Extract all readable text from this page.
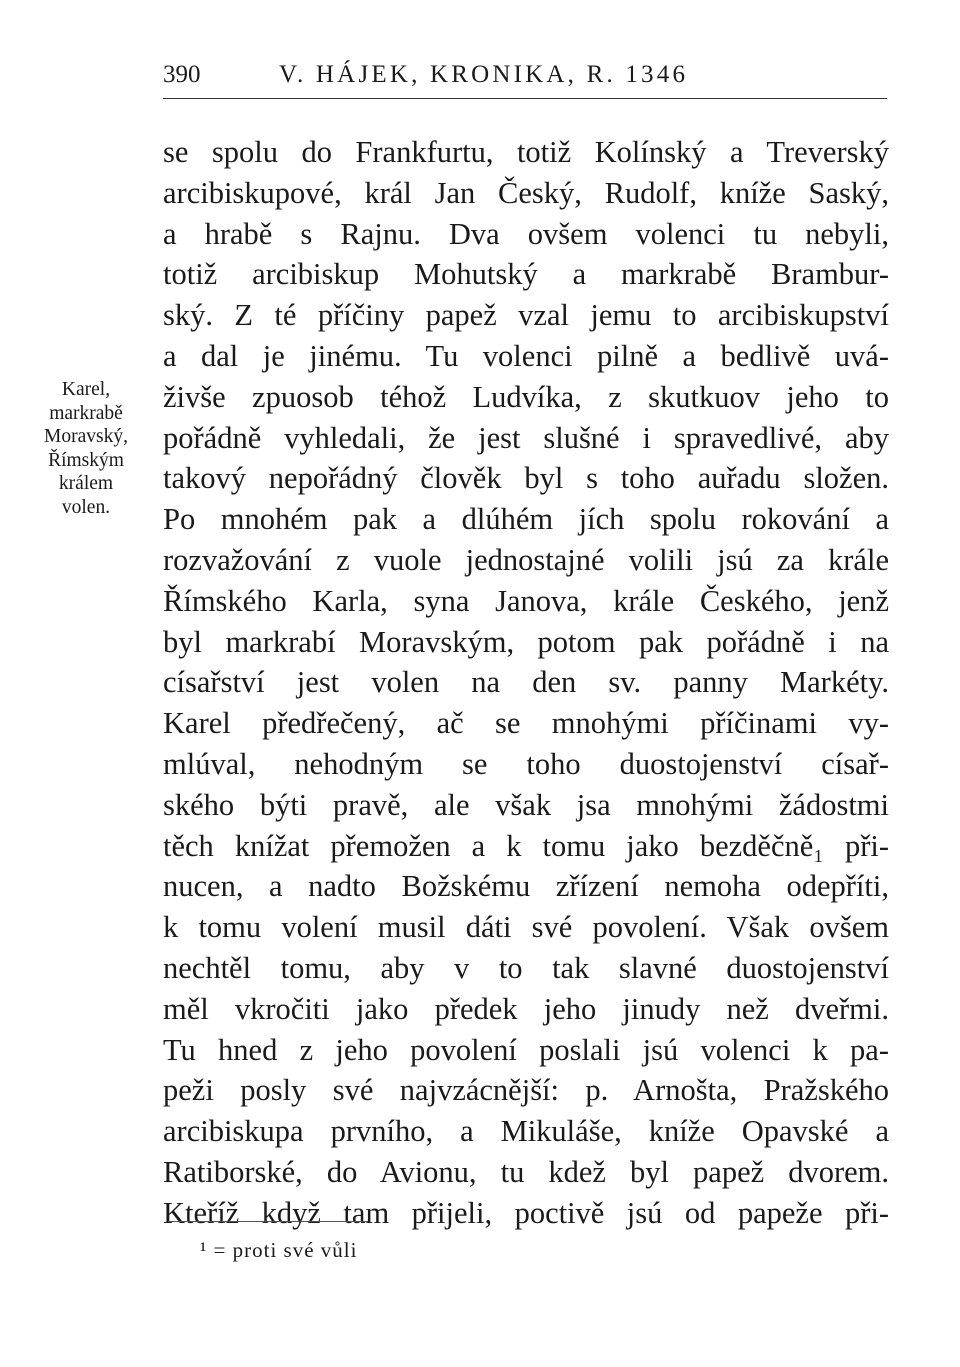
390	V. HÁJEK, KRONIKA, R. 1346
Karel,
markrabě
Moravský,
Římským
králem
volen.
se spolu do Frankfurtu, totiž Kolínský a Treverský
arcibiskupové, král Jan Český, Rudolf, kníže Saský,
a hrabě s Rajnu. Dva ovšem volenci tu nebyli,
totiž arcibiskup Mohutský a markrabě Brambur-
ský. Z té příčiny papež vzal jemu to arcibiskupství
a dal je jinému. Tu volenci pilně a bedlivě uvá-
živše zpuosob téhož Ludvíka, z skutkuov jeho to
pořádně vyhledali, že jest slušné i spravedlivé, aby
takový nepořádný člověk byl s toho auřadu složen.
Po mnohém pak a dlúhém jích spolu rokování a
rozvažování z vuole jednostajné volili jsú za krále
Římského Karla, syna Janova, krále Českého, jenž
byl markrabí Moravským, potom pak pořádně i na
císařství jest volen na den sv. panny Markéty.
Karel předřečený, ač se mnohými příčinami vy-
mlúval, nehodným se toho duostojenství císař-
ského býti pravě, ale však jsa mnohými žádostmi
těch knížat přemožen a k tomu jako bezděčně₁ při-
nucen, a nadto Božskému zřízení nemoha odepříti,
k tomu volení musil dáti své povolení. Však ovšem
nechtěl tomu, aby v to tak slavné duostojenství
měl vkročiti jako předek jeho jinudy než dveřmi.
Tu hned z jeho povolení poslali jsú volenci k pa-
peži posly své najvzácnější: p. Arnošta, Pražského
arcibiskupa prvního, a Mikuláše, kníže Opavské a
Ratiborské, do Avionu, tu kdež byl papež dvorem.
Kteříž když tam přijeli, poctivě jsú od papeže při-
¹ = proti své vůli
